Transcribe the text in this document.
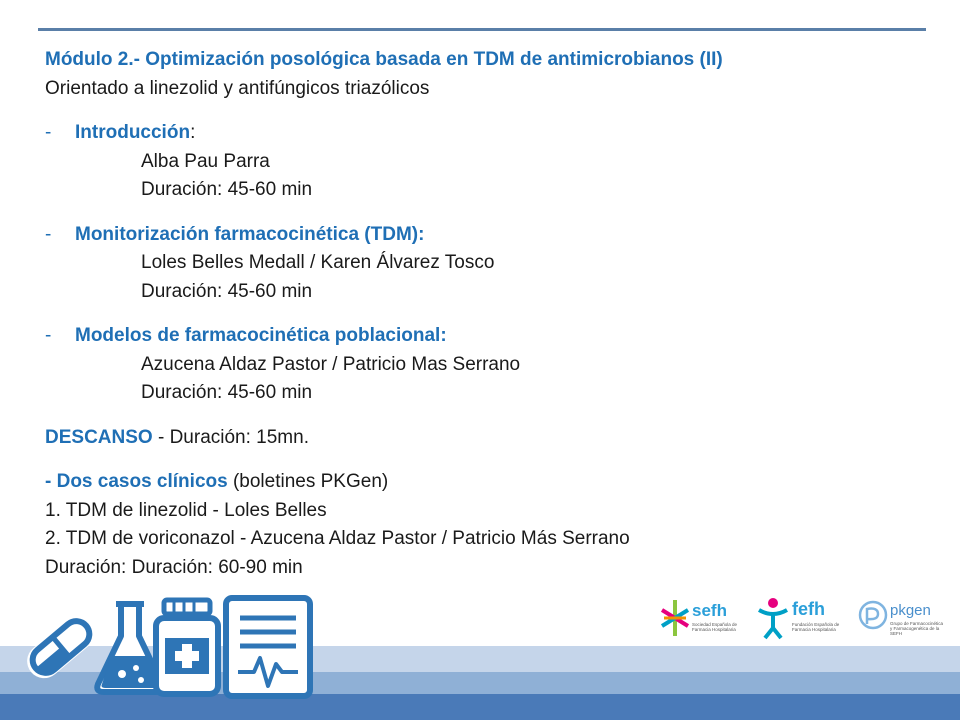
Módulo 2.- Optimización posológica basada en TDM de antimicrobianos (II)
Orientado a linezolid y antifúngicos triazólicos
- Introducción:
Alba Pau Parra
Duración: 45-60 min
- Monitorización farmacocinética (TDM):
Loles Belles Medall / Karen Álvarez Tosco
Duración: 45-60 min
- Modelos de farmacocinética poblacional:
Azucena Aldaz Pastor / Patricio Mas Serrano
Duración: 45-60 min
DESCANSO - Duración: 15mn.
- Dos casos clínicos (boletines PKGen)
1. TDM de linezolid - Loles Belles
2. TDM de voriconazol - Azucena Aldaz Pastor / Patricio Más Serrano
Duración: Duración: 60-90 min
sefh
Sociedad Española de Farmacia Hospitalaria
fefh
Fundación Española de Farmacia Hospitalaria
pkgen
Grupo de Farmacocinética y Farmacogenética de la SEFH
